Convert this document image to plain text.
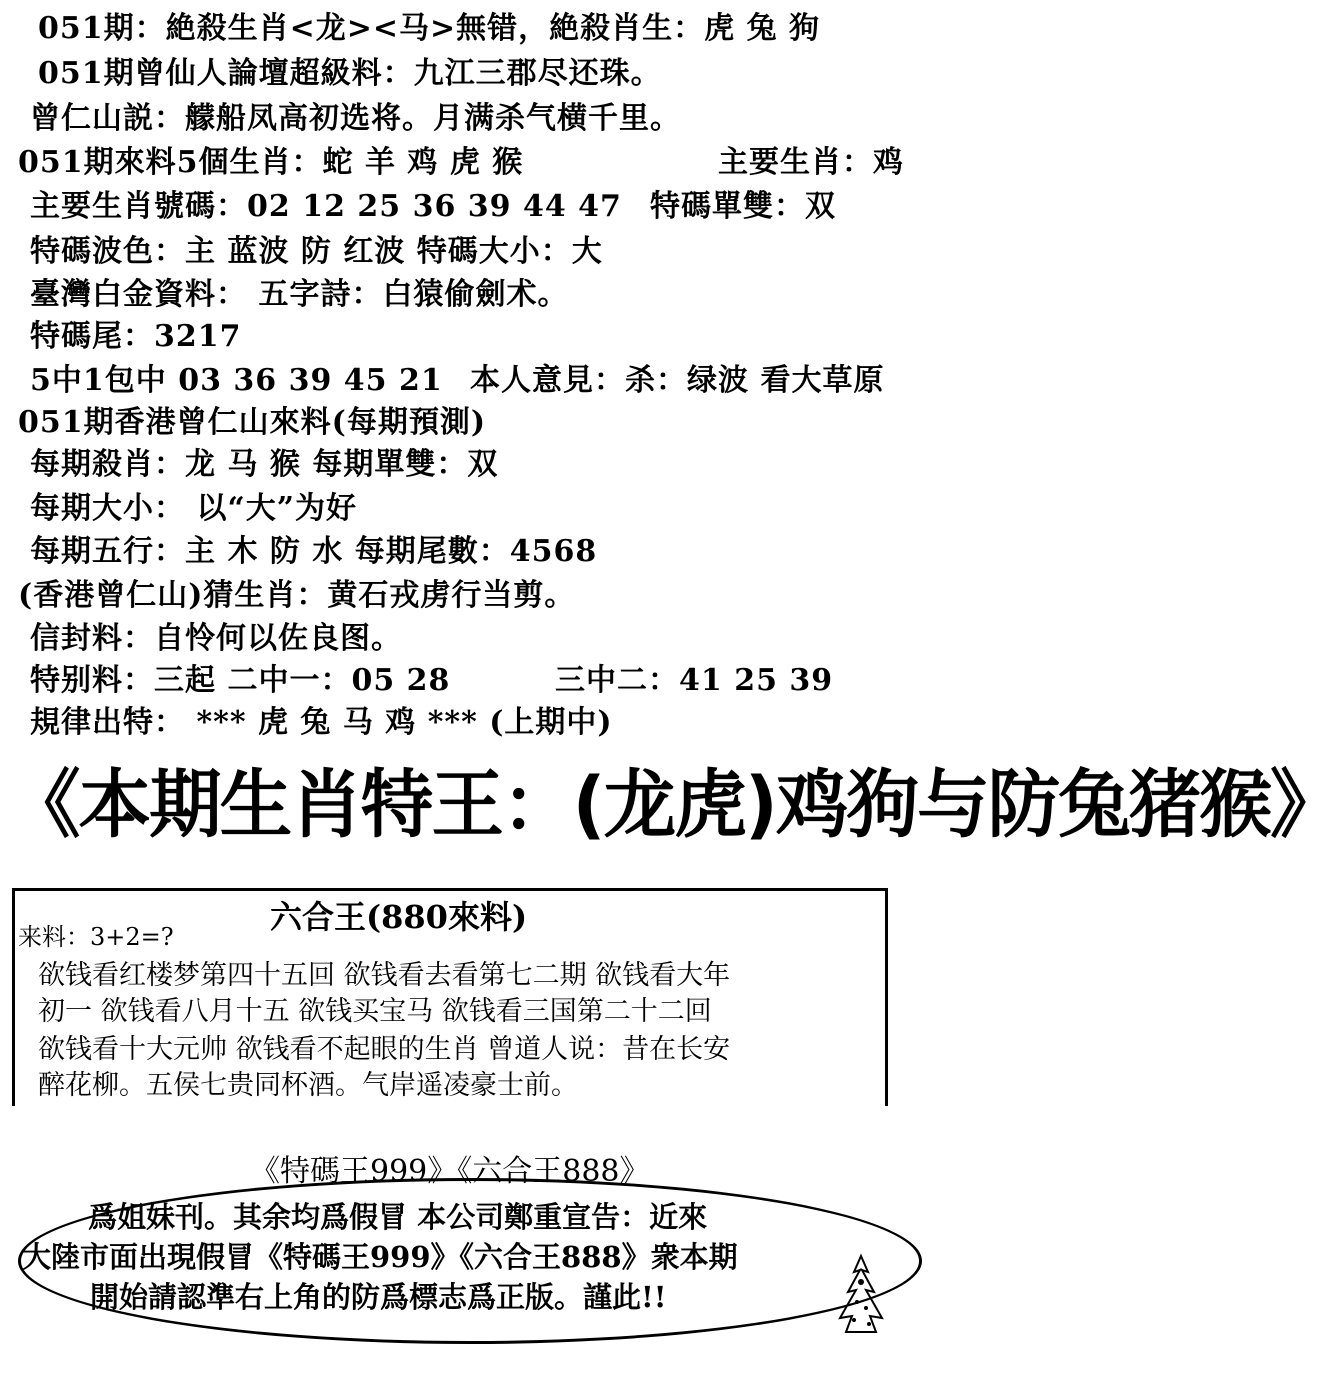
051期：絶殺生肖<龙><马>無错，絶殺肖生：虎 兔 狗
051期曾仙人論壇超級料：九江三郡尽还珠。
曾仁山説：艨船凤高初选将。月满杀气横千里。
051期來料5個生肖：蛇 羊 鸡 虎 猴	主要生肖：鸡
主要生肖號碼：02 12 25 36 39 44 47 特碼單雙：双
特碼波色：主 蓝波 防 红波 特碼大小：大
臺灣白金資料： 五字詩：白猿偷劍术。
特碼尾：3217
5中1包中 03 36 39 45 21 本人意見：杀：绿波 看大草原
051期香港曾仁山來料(每期預測)
每期殺肖：龙 马 猴 每期單雙：双
每期大小： 以“大”为好
每期五行：主 木 防 水 每期尾數：4568
(香港曾仁山)猜生肖：黄石戎虏行当剪。
信封料：自怜何以佐良图。
特别料：三起 二中一：05 28	三中二：41 25 39
規律出特： *** 虎 兔 马 鸡 *** (上期中)
《本期生肖特王：(龙虎)鸡狗与防兔猪猴》
六合王(880來料)
来料：3+2=?
欲钱看红楼梦第四十五回 欲钱看去看第七二期 欲钱看大年
初一 欲钱看八月十五 欲钱买宝马 欲钱看三国第二十二回
欲钱看十大元帅 欲钱看不起眼的生肖 曾道人说：昔在长安
醉花柳。五侯七贵同杯酒。气岸遥凌豪士前。
《特碼王999》《六合王888》
爲姐妹刊。其余均爲假冒 本公司鄭重宣告：近來
大陸市面出現假冒《特碼王999》《六合王888》衆本期
開始請認準右上角的防爲標志爲正版。謹此!!
